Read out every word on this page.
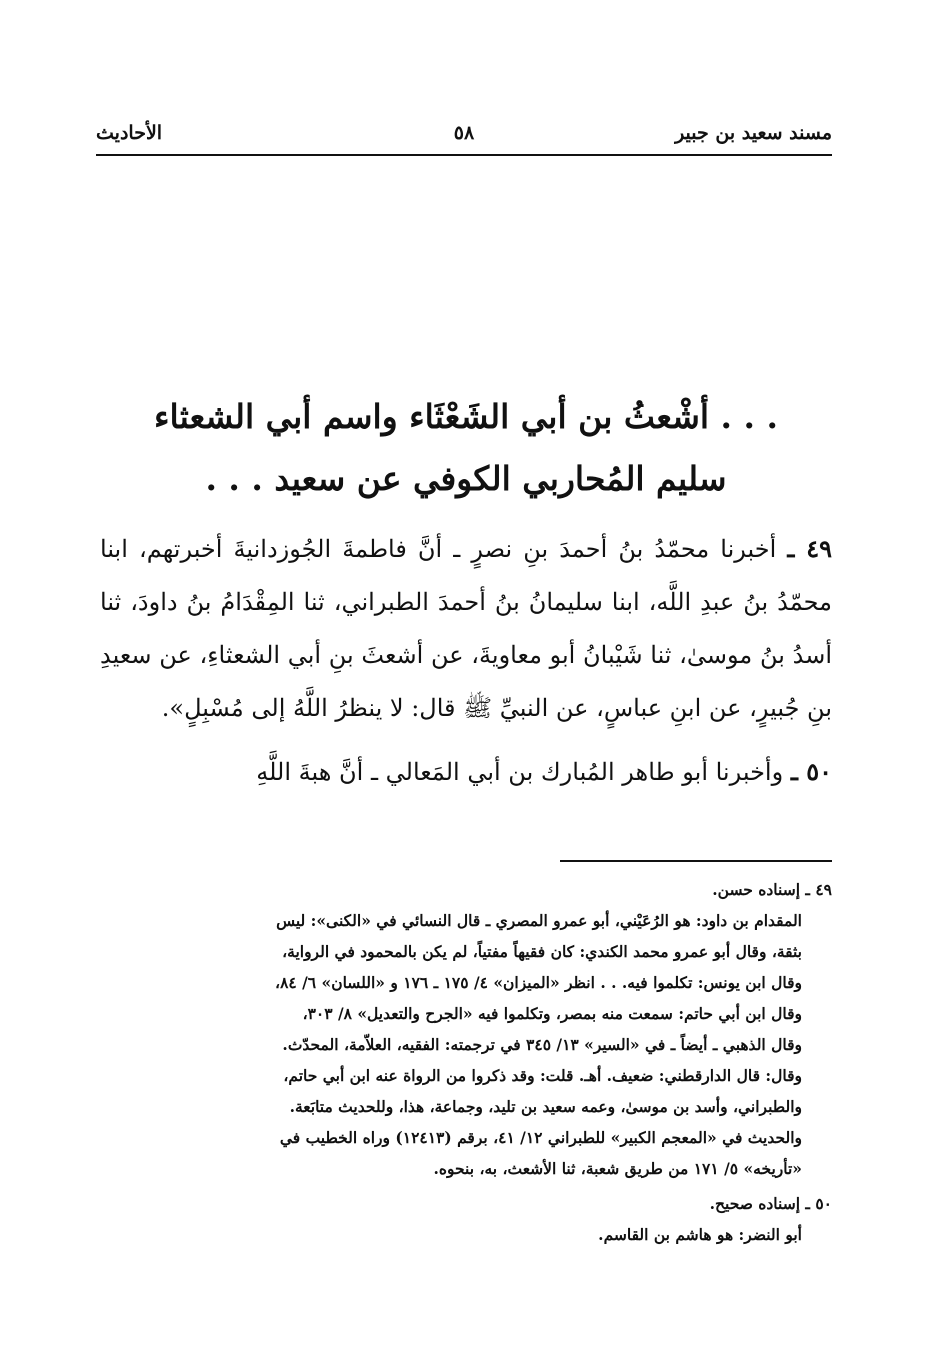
مسند سعيد بن جبير
٥٨
الأحاديث
. . . أشْعثُ بن أبي الشَعْثَاء واسم أبي الشعثاء
سليم المُحاربي الكوفي عن سعيد . . .

٤٩ ـ أخبرنا محمّدُ بنُ أحمدَ بنِ نصرٍ ـ أنَّ فاطمةَ الجُوزدانيةَ أخبرتهم، ابنا محمّدُ بنُ عبدِ اللَّه، ابنا سليمانُ بنُ أحمدَ الطبراني، ثنا المِقْدَامُ بنُ داودَ، ثنا أسدُ بنُ موسىٰ، ثنا شَيْبانُ أبو معاويةَ، عن أشعثَ بنِ أبي الشعثاءِ، عن سعيدِ بنِ جُبيرٍ، عن ابنِ عباسٍ، عن النبيِّ ﷺ قال: لا ينظرُ اللَّهُ إلى مُسْبِلٍ».

٥٠ ـ وأخبرنا أبو طاهر المُبارك بن أبي المَعالي ـ أنَّ هبةَ اللَّهِ

٤٩ ـ إسناده حسن.

المقدام بن داود: هو الرُعَيْني، أبو عمرو المصري ـ قال النسائي في «الكنى»: ليس

بثقة، وقال أبو عمرو محمد الكندي: كان فقيهاً مفتياً، لم يكن بالمحمود في الرواية،

وقال ابن يونس: تكلموا فيه. . . انظر «الميزان» ٤/ ١٧٥ ـ ١٧٦ و «اللسان» ٦/ ٨٤،

وقال ابن أبي حاتم: سمعت منه بمصر، وتكلموا فيه «الجرح والتعديل» ٨/ ٣٠٣،

وقال الذهبي ـ أيضاً ـ في «السير» ١٣/ ٣٤٥ في ترجمته: الفقيه، العلاّمة، المحدّث.

وقال: قال الدارقطني: ضعيف. أهـ. قلت: وقد ذكروا من الرواة عنه ابن أبي حاتم،

والطبراني، وأسد بن موسىٰ، وعمه سعيد بن تليد، وجماعة، هذا، وللحديث متابَعة.

والحديث في «المعجم الكبير» للطبراني ١٢/ ٤١، برقم (١٢٤١٣) وراه الخطيب في

«تأريخه» ٥/ ١٧١ من طريق شعبة، ثنا الأشعث، به، بنحوه.

٥٠ ـ إسناده صحيح.

أبو النضر: هو هاشم بن القاسم.
